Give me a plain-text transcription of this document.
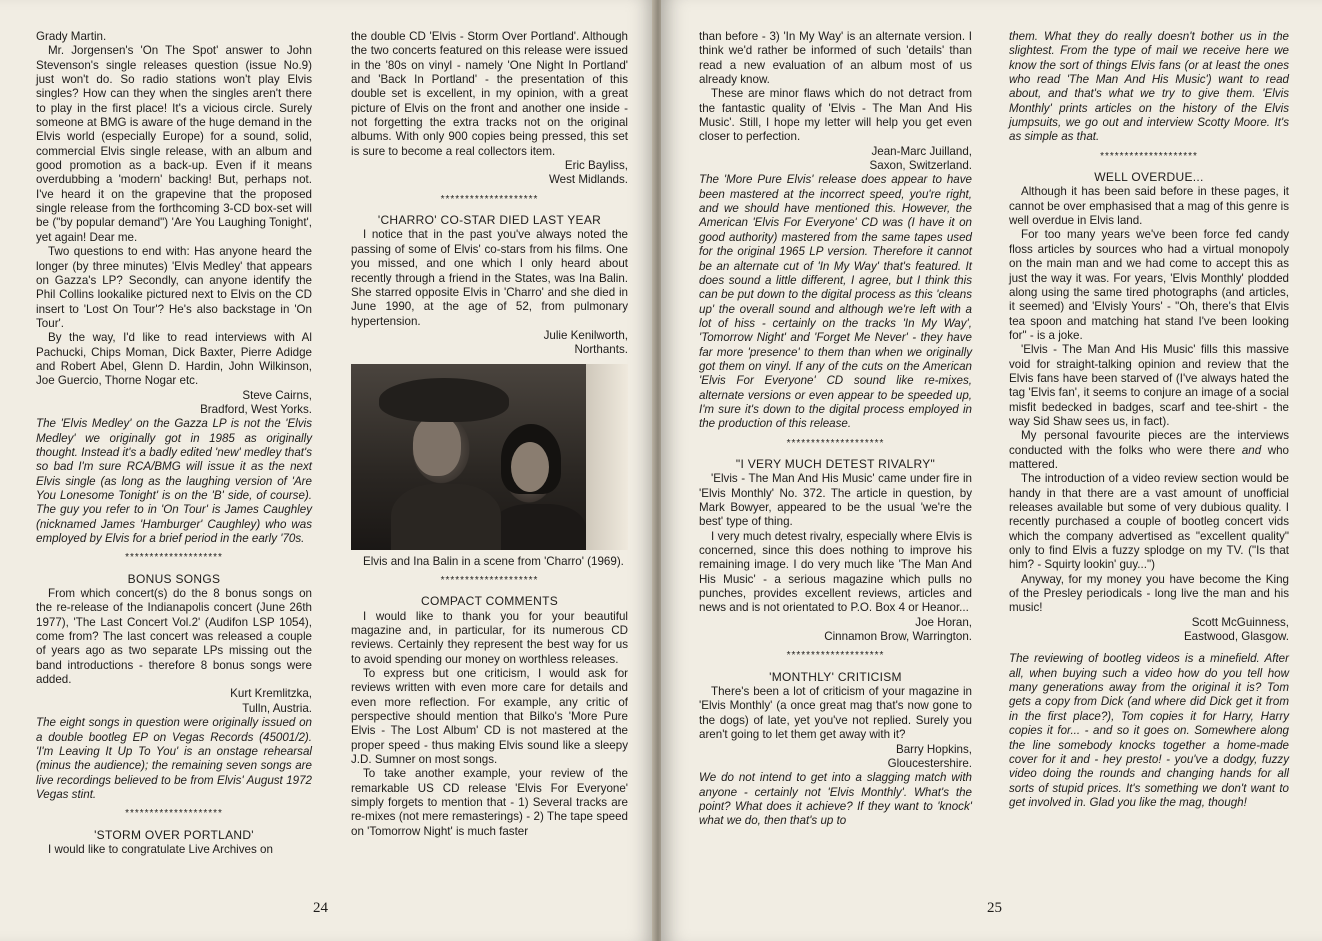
Grady Martin.

Mr. Jorgensen's 'On The Spot' answer to John Stevenson's single releases question (issue No.9) just won't do. So radio stations won't play Elvis singles? How can they when the singles aren't there to play in the first place! It's a vicious circle. Surely someone at BMG is aware of the huge demand in the Elvis world (especially Europe) for a sound, solid, commercial Elvis single release, with an album and good promotion as a back-up. Even if it means overdubbing a 'modern' backing! But, perhaps not. I've heard it on the grapevine that the proposed single release from the forthcoming 3-CD box-set will be ("by popular demand") 'Are You Laughing Tonight', yet again! Dear me.

Two questions to end with: Has anyone heard the longer (by three minutes) 'Elvis Medley' that appears on Gazza's LP? Secondly, can anyone identify the Phil Collins lookalike pictured next to Elvis on the CD insert to 'Lost On Tour'? He's also backstage in 'On Tour'.

By the way, I'd like to read interviews with Al Pachucki, Chips Moman, Dick Baxter, Pierre Adidge and Robert Abel, Glenn D. Hardin, John Wilkinson, Joe Guercio, Thorne Nogar etc.

Steve Cairns,

Bradford, West Yorks.

The 'Elvis Medley' on the Gazza LP is not the 'Elvis Medley' we originally got in 1985 as originally thought. Instead it's a badly edited 'new' medley that's so bad I'm sure RCA/BMG will issue it as the next Elvis single (as long as the laughing version of 'Are You Lonesome Tonight' is on the 'B' side, of course). The guy you refer to in 'On Tour' is James Caughley (nicknamed James 'Hamburger' Caughley) who was employed by Elvis for a brief period in the early '70s.

********************
BONUS SONGS

From which concert(s) do the 8 bonus songs on the re-release of the Indianapolis concert (June 26th 1977), 'The Last Concert Vol.2' (Audifon LSP 1054), come from? The last concert was released a couple of years ago as two separate LPs missing out the band introductions - therefore 8 bonus songs were added.

Kurt Kremlitzka,

Tulln, Austria.

The eight songs in question were originally issued on a double bootleg EP on Vegas Records (45001/2). 'I'm Leaving It Up To You' is an onstage rehearsal (minus the audience); the remaining seven songs are live recordings believed to be from Elvis' August 1972 Vegas stint.

********************
'STORM OVER PORTLAND'

I would like to congratulate Live Archives on

the double CD 'Elvis - Storm Over Portland'. Although the two concerts featured on this release were issued in the '80s on vinyl - namely 'One Night In Portland' and 'Back In Portland' - the presentation of this double set is excellent, in my opinion, with a great picture of Elvis on the front and another one inside - not forgetting the extra tracks not on the original albums. With only 900 copies being pressed, this set is sure to become a real collectors item.

Eric Bayliss,

West Midlands.

********************
'CHARRO' CO-STAR DIED LAST YEAR

I notice that in the past you've always noted the passing of some of Elvis' co-stars from his films. One you missed, and one which I only heard about recently through a friend in the States, was Ina Balin. She starred opposite Elvis in 'Charro' and she died in June 1990, at the age of 52, from pulmonary hypertension.

Julie Kenilworth,

Northants.

Elvis and Ina Balin in a scene from 'Charro' (1969).

********************
COMPACT COMMENTS

I would like to thank you for your beautiful magazine and, in particular, for its numerous CD reviews. Certainly they represent the best way for us to avoid spending our money on worthless releases.

To express but one criticism, I would ask for reviews written with even more care for details and even more reflection. For example, any critic of perspective should mention that Bilko's 'More Pure Elvis - The Lost Album' CD is not mastered at the proper speed - thus making Elvis sound like a sleepy J.D. Sumner on most songs.

To take another example, your review of the remarkable US CD release 'Elvis For Everyone' simply forgets to mention that - 1) Several tracks are re-mixes (not mere remasterings) - 2) The tape speed on 'Tomorrow Night' is much faster

24

than before - 3) 'In My Way' is an alternate version. I think we'd rather be informed of such 'details' than read a new evaluation of an album most of us already know.

These are minor flaws which do not detract from the fantastic quality of 'Elvis - The Man And His Music'. Still, I hope my letter will help you get even closer to perfection.

Jean-Marc Juilland,

Saxon, Switzerland.

The 'More Pure Elvis' release does appear to have been mastered at the incorrect speed, you're right, and we should have mentioned this. However, the American 'Elvis For Everyone' CD was (I have it on good authority) mastered from the same tapes used for the original 1965 LP version. Therefore it cannot be an alternate cut of 'In My Way' that's featured. It does sound a little different, I agree, but I think this can be put down to the digital process as this 'cleans up' the overall sound and although we're left with a lot of hiss - certainly on the tracks 'In My Way', 'Tomorrow Night' and 'Forget Me Never' - they have far more 'presence' to them than when we originally got them on vinyl. If any of the cuts on the American 'Elvis For Everyone' CD sound like re-mixes, alternate versions or even appear to be speeded up, I'm sure it's down to the digital process employed in the production of this release.

********************
"I VERY MUCH DETEST RIVALRY"

'Elvis - The Man And His Music' came under fire in 'Elvis Monthly' No. 372. The article in question, by Mark Bowyer, appeared to be the usual 'we're the best' type of thing.

I very much detest rivalry, especially where Elvis is concerned, since this does nothing to improve his remaining image. I do very much like 'The Man And His Music' - a serious magazine which pulls no punches, provides excellent reviews, articles and news and is not orientated to P.O. Box 4 or Heanor...

Joe Horan,

Cinnamon Brow, Warrington.

********************
'MONTHLY' CRITICISM

There's been a lot of criticism of your magazine in 'Elvis Monthly' (a once great mag that's now gone to the dogs) of late, yet you've not replied. Surely you aren't going to let them get away with it?

Barry Hopkins,

Gloucestershire.

We do not intend to get into a slagging match with anyone - certainly not 'Elvis Monthly'. What's the point? What does it achieve? If they want to 'knock' what we do, then that's up to

them. What they do really doesn't bother us in the slightest. From the type of mail we receive here we know the sort of things Elvis fans (or at least the ones who read 'The Man And His Music') want to read about, and that's what we try to give them. 'Elvis Monthly' prints articles on the history of the Elvis jumpsuits, we go out and interview Scotty Moore. It's as simple as that.

********************
WELL OVERDUE...

Although it has been said before in these pages, it cannot be over emphasised that a mag of this genre is well overdue in Elvis land.

For too many years we've been force fed candy floss articles by sources who had a virtual monopoly on the main man and we had come to accept this as just the way it was. For years, 'Elvis Monthly' plodded along using the same tired photographs (and articles, it seemed) and 'Elvisly Yours' - "Oh, there's that Elvis tea spoon and matching hat stand I've been looking for" - is a joke.

'Elvis - The Man And His Music' fills this massive void for straight-talking opinion and review that the Elvis fans have been starved of (I've always hated the tag 'Elvis fan', it seems to conjure an image of a social misfit bedecked in badges, scarf and tee-shirt - the way Sid Shaw sees us, in fact).

My personal favourite pieces are the interviews conducted with the folks who were there and who mattered.

The introduction of a video review section would be handy in that there are a vast amount of unofficial releases available but some of very dubious quality. I recently purchased a couple of bootleg concert vids which the company advertised as "excellent quality" only to find Elvis a fuzzy splodge on my TV. ("Is that him? - Squirty lookin' guy...")

Anyway, for my money you have become the King of the Presley periodicals - long live the man and his music!

Scott McGuinness,

Eastwood, Glasgow.

The reviewing of bootleg videos is a minefield. After all, when buying such a video how do you tell how many generations away from the original it is? Tom gets a copy from Dick (and where did Dick get it from in the first place?), Tom copies it for Harry, Harry copies it for... - and so it goes on. Somewhere along the line somebody knocks together a home-made cover for it and - hey presto! - you've a dodgy, fuzzy video doing the rounds and changing hands for all sorts of stupid prices. It's something we don't want to get involved in. Glad you like the mag, though!

25
